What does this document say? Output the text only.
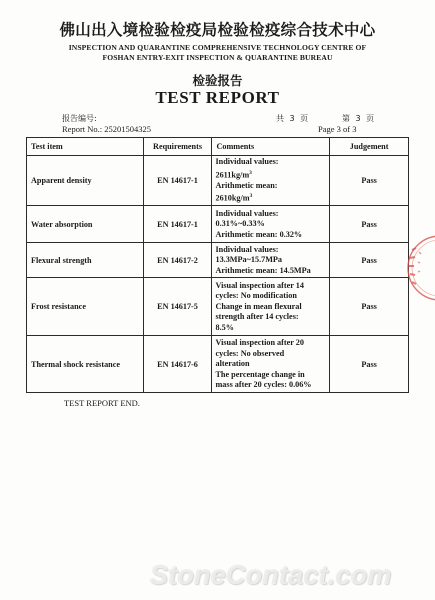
佛山出入境检验检疫局检验检疫综合技术中心
INSPECTION AND QUARANTINE COMPREHENSIVE TECHNOLOGY CENTRE OF
FOSHAN ENTRY-EXIT INSPECTION & QUARANTINE BUREAU
检验报告
TEST REPORT
报告编号:
Report No.: 25201504325
共 3 页	第 3 页
Page 3 of 3
Test item	Requirements	Comments	Judgement
Apparent density	EN 14617-1	Individual values:
$2611kg/m^3$
Arithmetic mean:
$2610kg/m^3$	Pass
Water absorption	EN 14617-1	Individual values:
0.31%~0.33%
Arithmetic mean: 0.32%	Pass
Flexural strength	EN 14617-2	Individual values:
13.3MPa~15.7MPa
Arithmetic mean: 14.5MPa	Pass
Frost resistance	EN 14617-5	Visual inspection after 14
cycles: No modification
Change in mean flexural
strength after 14 cycles:
8.5%	Pass
Thermal shock resistance	EN 14617-6	Visual inspection after 20
cycles: No observed
alteration
The percentage change in
mass after 20 cycles: 0.06%	Pass
TEST REPORT END.
StoneContact.com
